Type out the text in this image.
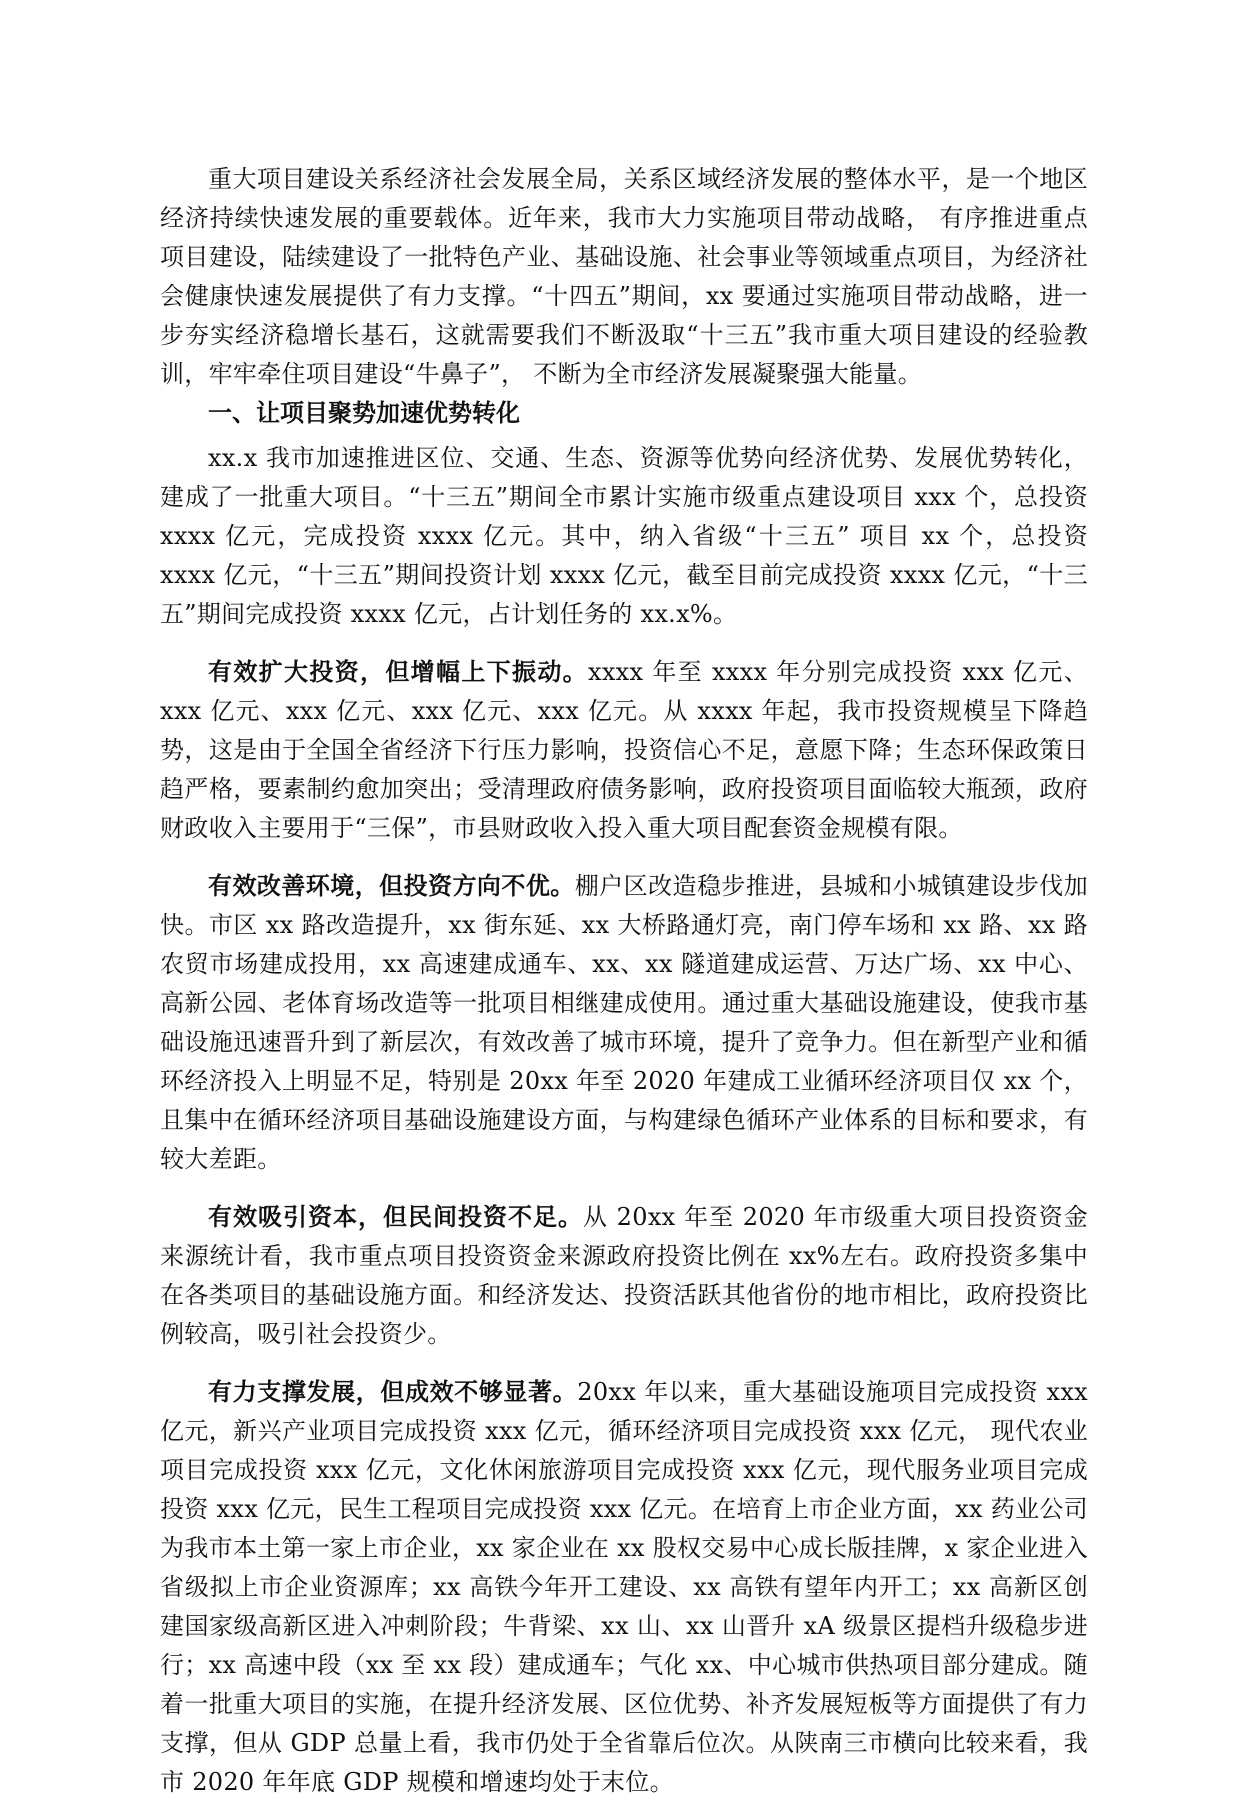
重大项目建设关系经济社会发展全局，关系区域经济发展的整体水平，是一个地区经济持续快速发展的重要载体。近年来，我市大力实施项目带动战略， 有序推进重点项目建设，陆续建设了一批特色产业、基础设施、社会事业等领域重点项目，为经济社会健康快速发展提供了有力支撑。“十四五”期间，xx 要通过实施项目带动战略，进一步夯实经济稳增长基石，这就需要我们不断汲取“十三五”我市重大项目建设的经验教训，牢牢牵住项目建设“牛鼻子”， 不断为全市经济发展凝聚强大能量。

一、让项目聚势加速优势转化

xx.x 我市加速推进区位、交通、生态、资源等优势向经济优势、发展优势转化，建成了一批重大项目。“十三五”期间全市累计实施市级重点建设项目 xxx 个，总投资 xxxx 亿元，完成投资 xxxx 亿元。其中，纳入省级“十三五” 项目 xx 个，总投资 xxxx 亿元，“十三五”期间投资计划 xxxx 亿元，截至目前完成投资 xxxx 亿元，“十三五”期间完成投资 xxxx 亿元，占计划任务的 xx.x%。

有效扩大投资，但增幅上下振动。xxxx 年至 xxxx 年分别完成投资 xxx 亿元、xxx 亿元、xxx 亿元、xxx 亿元、xxx 亿元。从 xxxx 年起，我市投资规模呈下降趋势，这是由于全国全省经济下行压力影响，投资信心不足，意愿下降；生态环保政策日趋严格，要素制约愈加突出；受清理政府债务影响，政府投资项目面临较大瓶颈，政府财政收入主要用于“三保”，市县财政收入投入重大项目配套资金规模有限。

有效改善环境，但投资方向不优。棚户区改造稳步推进，县城和小城镇建设步伐加快。市区 xx 路改造提升，xx 街东延、xx 大桥路通灯亮，南门停车场和 xx 路、xx 路农贸市场建成投用，xx 高速建成通车、xx、xx 隧道建成运营、万达广场、xx 中心、高新公园、老体育场改造等一批项目相继建成使用。通过重大基础设施建设，使我市基础设施迅速晋升到了新层次，有效改善了城市环境，提升了竞争力。但在新型产业和循环经济投入上明显不足，特别是 20xx 年至 2020 年建成工业循环经济项目仅 xx 个，且集中在循环经济项目基础设施建设方面，与构建绿色循环产业体系的目标和要求，有较大差距。

有效吸引资本，但民间投资不足。从 20xx 年至 2020 年市级重大项目投资资金来源统计看，我市重点项目投资资金来源政府投资比例在 xx%左右。政府投资多集中在各类项目的基础设施方面。和经济发达、投资活跃其他省份的地市相比，政府投资比例较高，吸引社会投资少。

有力支撑发展，但成效不够显著。20xx 年以来，重大基础设施项目完成投资 xxx 亿元，新兴产业项目完成投资 xxx 亿元，循环经济项目完成投资 xxx 亿元， 现代农业项目完成投资 xxx 亿元，文化休闲旅游项目完成投资 xxx 亿元，现代服务业项目完成投资 xxx 亿元，民生工程项目完成投资 xxx 亿元。在培育上市企业方面，xx 药业公司为我市本土第一家上市企业，xx 家企业在 xx 股权交易中心成长版挂牌，x 家企业进入省级拟上市企业资源库；xx 高铁今年开工建设、xx 高铁有望年内开工；xx 高新区创建国家级高新区进入冲刺阶段；牛背梁、xx 山、xx 山晋升 xA 级景区提档升级稳步进行；xx 高速中段（xx 至 xx 段）建成通车；气化 xx、中心城市供热项目部分建成。随着一批重大项目的实施，在提升经济发展、区位优势、补齐发展短板等方面提供了有力支撑，但从 GDP 总量上看，我市仍处于全省靠后位次。从陕南三市横向比较来看，我市 2020 年年底 GDP 规模和增速均处于末位。
